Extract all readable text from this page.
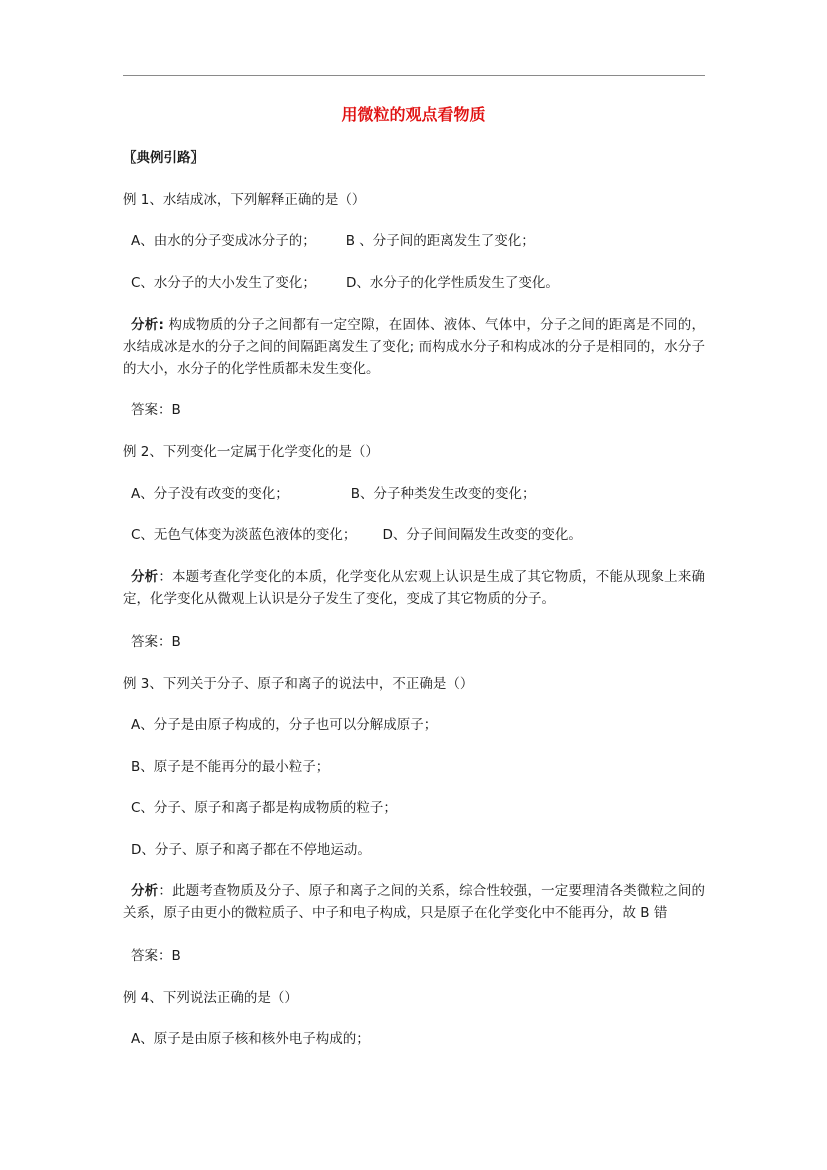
用微粒的观点看物质
〖典例引路〗
例 1、水结成冰，下列解释正确的是（）
A、由水的分子变成冰分子的； B 、分子间的距离发生了变化；
C、水分子的大小发生了变化； D、水分子的化学性质发生了变化。
分析: 构成物质的分子之间都有一定空隙，在固体、液体、气体中，分子之间的距离是不同的，水结成冰是水的分子之间的间隔距离发生了变化; 而构成水分子和构成冰的分子是相同的，水分子的大小，水分子的化学性质都未发生变化。
答案：B
例 2、下列变化一定属于化学变化的是（）
A、分子没有改变的变化；	B、分子种类发生改变的变化；
C、无色气体变为淡蓝色液体的变化； D、分子间间隔发生改变的变化。
分析：本题考查化学变化的本质，化学变化从宏观上认识是生成了其它物质，不能从现象上来确定，化学变化从微观上认识是分子发生了变化，变成了其它物质的分子。
答案：B
例 3、下列关于分子、原子和离子的说法中，不正确是（）
A、分子是由原子构成的，分子也可以分解成原子；
B、原子是不能再分的最小粒子；
C、分子、原子和离子都是构成物质的粒子；
D、分子、原子和离子都在不停地运动。
分析：此题考查物质及分子、原子和离子之间的关系，综合性较强，一定要理清各类微粒之间的关系，原子由更小的微粒质子、中子和电子构成，只是原子在化学变化中不能再分，故 B 错
答案：B
例 4、下列说法正确的是（）
A、原子是由原子核和核外电子构成的；
